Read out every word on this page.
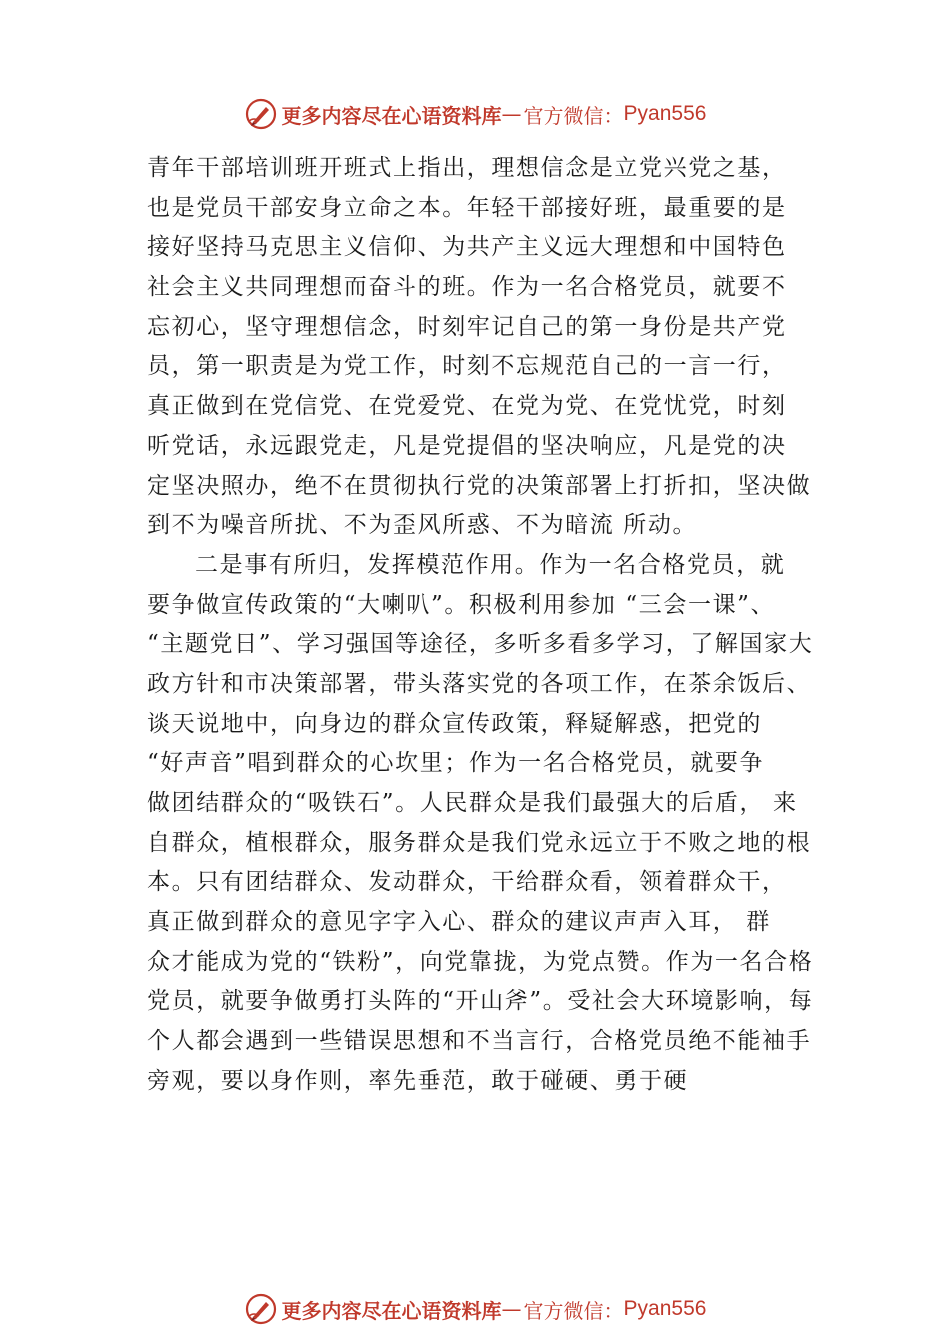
更多内容尽在心语资料库 — 官方微信： Pyan556
青年干部培训班开班式上指出，理想信念是立党兴党之基，
也是党员干部安身立命之本。年轻干部接好班，最重要的是
接好坚持马克思主义信仰、为共产主义远大理想和中国特色
社会主义共同理想而奋斗的班。作为一名合格党员，就要不
忘初心，坚守理想信念，时刻牢记自己的第一身份是共产党
员，第一职责是为党工作，时刻不忘规范自己的一言一行，
真正做到在党信党、在党爱党、在党为党、在党忧党，时刻
听党话，永远跟党走，凡是党提倡的坚决响应，凡是党的决
定坚决照办，绝不在贯彻执行党的决策部署上打折扣，坚决做
到不为噪音所扰、不为歪风所惑、不为暗流 所动。
二是事有所归，发挥模范作用。作为一名合格党员，就
要争做宣传政策的“大喇叭”。积极利用参加 “三会一课”、
“主题党日”、学习强国等途径，多听多看多学习，了解国家大
政方针和市决策部署，带头落实党的各项工作，在茶余饭后、
谈天说地中，向身边的群众宣传政策，释疑解惑，把党的
“好声音”唱到群众的心坎里；作为一名合格党员，就要争
做团结群众的“吸铁石”。人民群众是我们最强大的后盾， 来
自群众，植根群众，服务群众是我们党永远立于不败之地的根
本。只有团结群众、发动群众，干给群众看，领着群众干，
真正做到群众的意见字字入心、群众的建议声声入耳， 群
众才能成为党的“铁粉”，向党靠拢，为党点赞。作为一名合格
党员，就要争做勇打头阵的“开山斧”。受社会大环境影响，每
个人都会遇到一些错误思想和不当言行，合格党员绝不能袖手
旁观，要以身作则，率先垂范，敢于碰硬、勇于硬
更多内容尽在心语资料库 — 官方微信： Pyan556
